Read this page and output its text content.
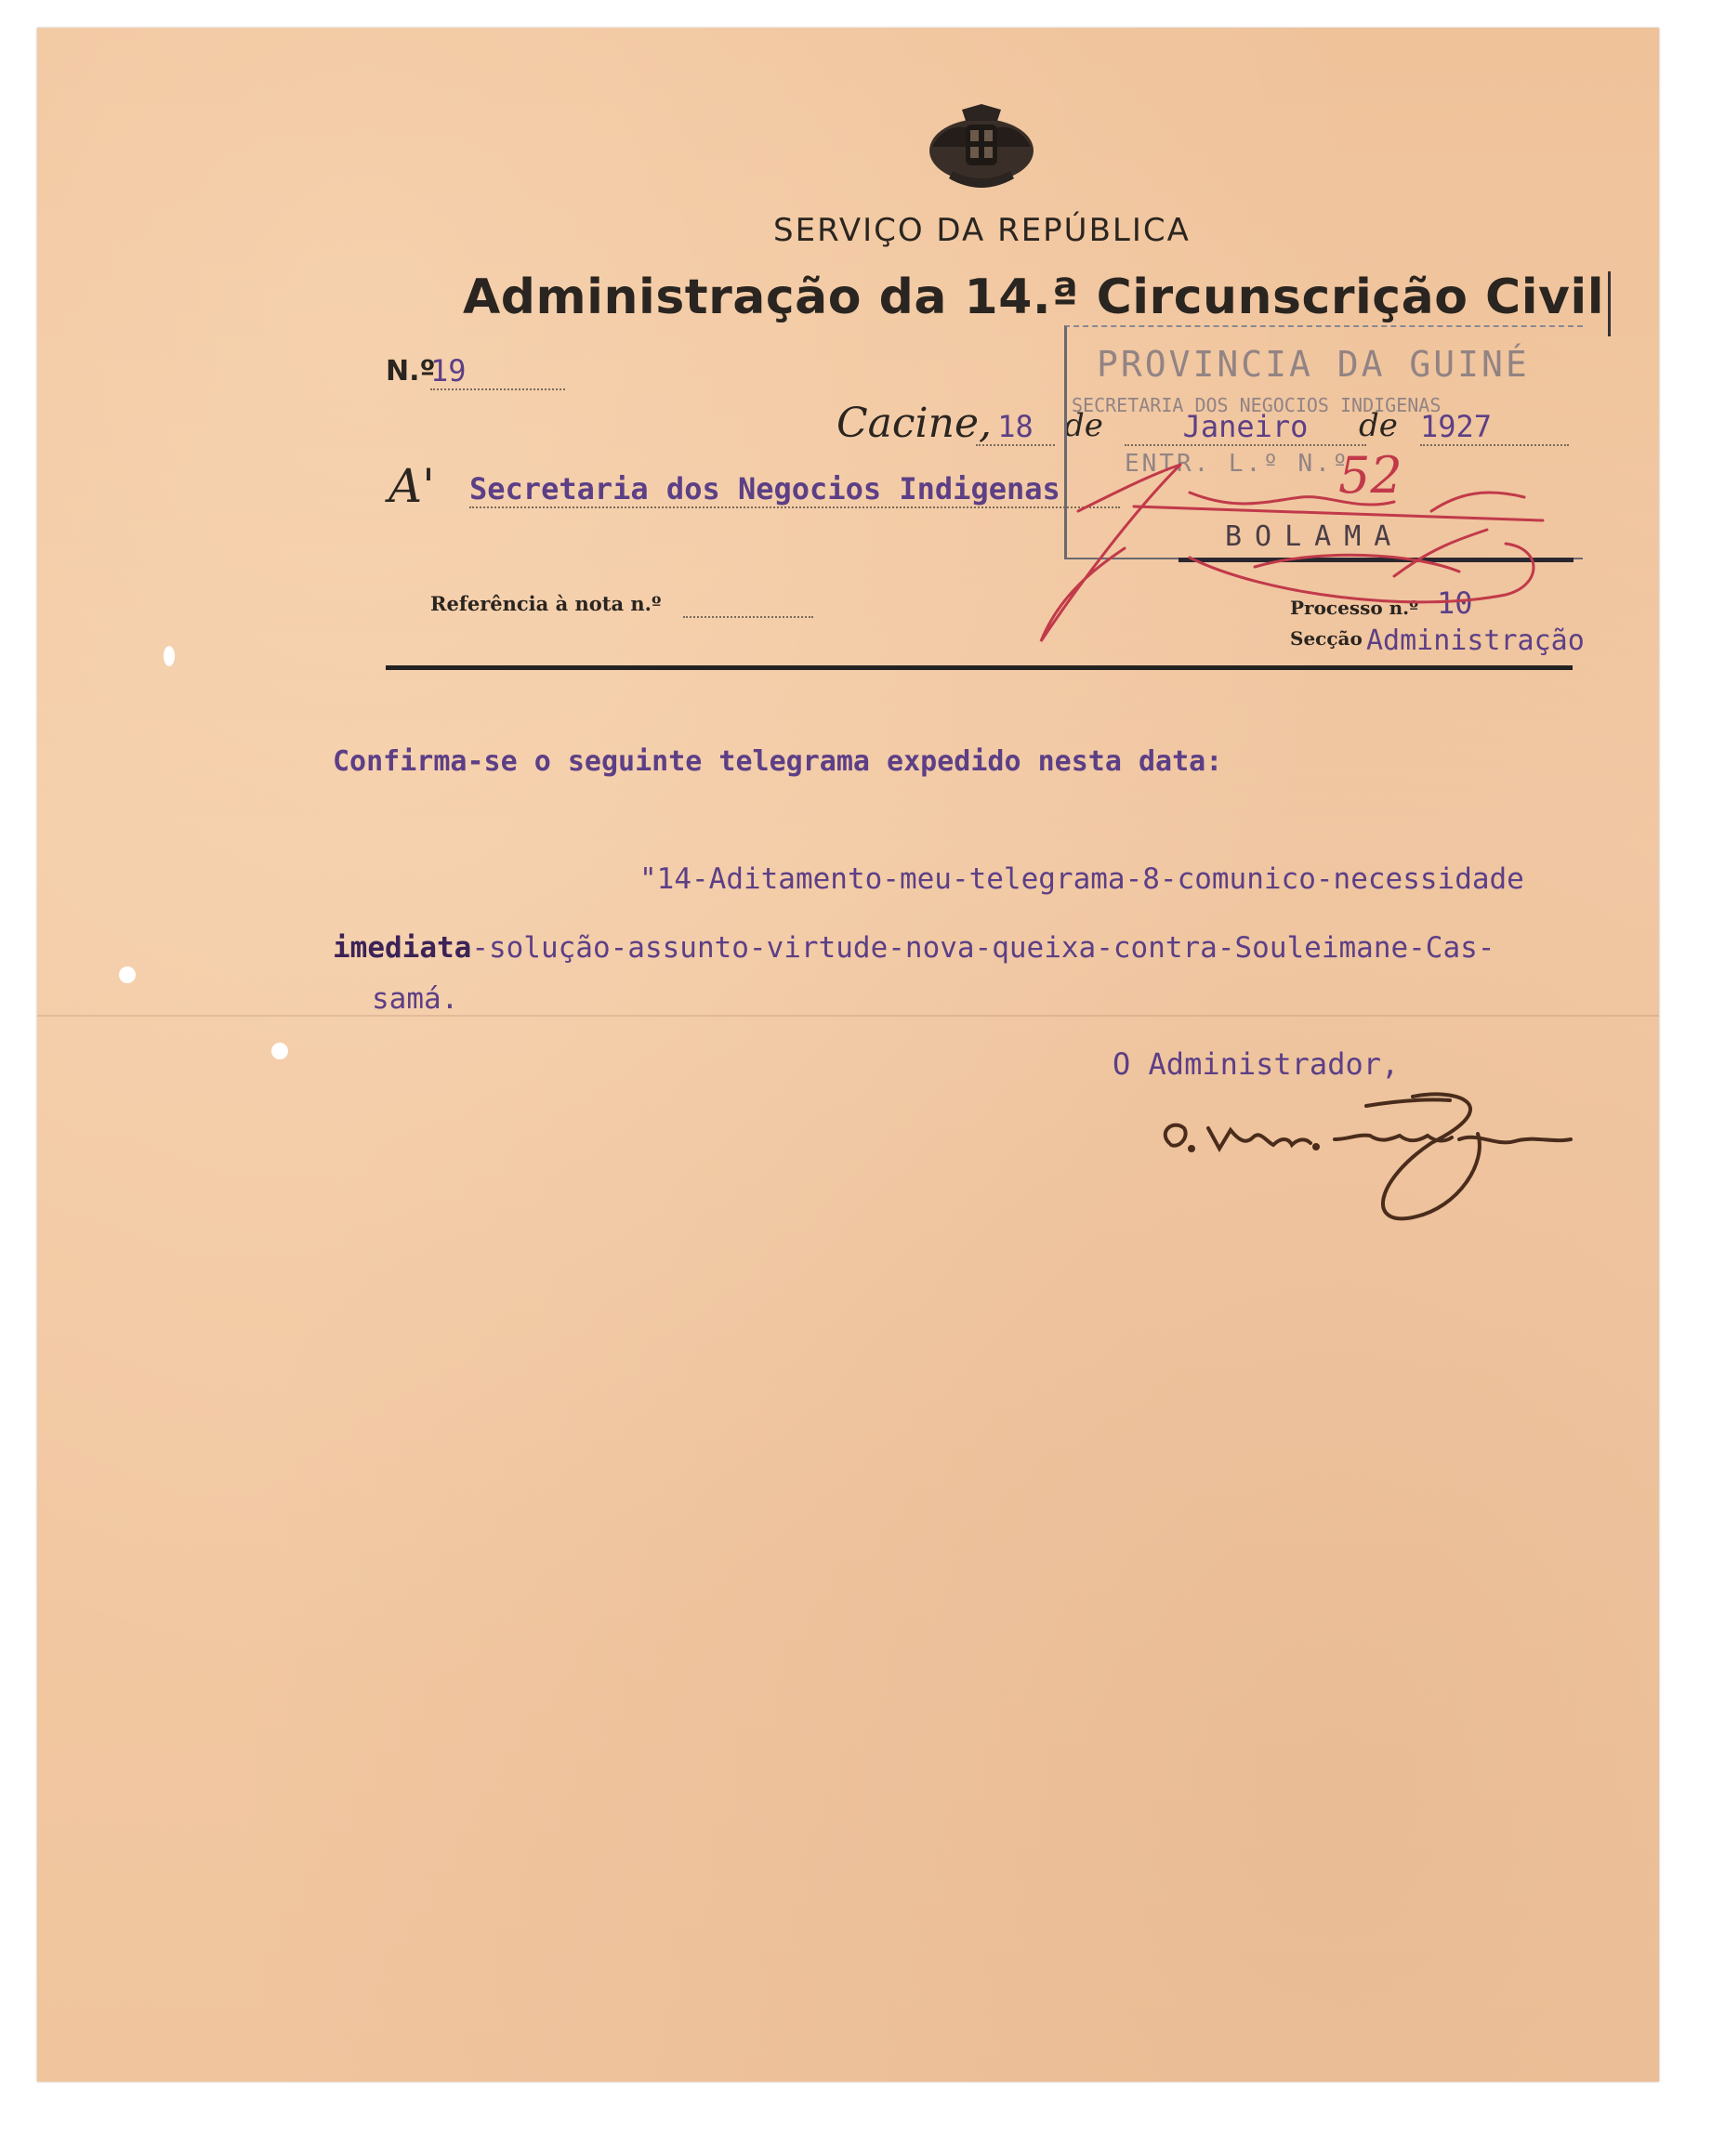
SERVIÇO DA REPÚBLICA
Administração da 14.ª Circunscrição Civil
N.º
19
Cacine, 18 de	Janeiro	de 1927
A' Secretaria dos Negocios Indigenas
Referência à nota n.º	Processo n.º 10
Secção Administração
PROVINCIA DA GUINÉ
SECRETARIA DOS NEGOCIOS INDIGENAS
ENTR. L.º N.º
BOLAMA
52
Confirma-se o seguinte telegrama expedido nesta data:
"14-Aditamento-meu-telegrama-8-comunico-necessidade
imediata-solução-assunto-virtude-nova-queixa-contra-Souleimane-Cas-
samá.
O Administrador,
